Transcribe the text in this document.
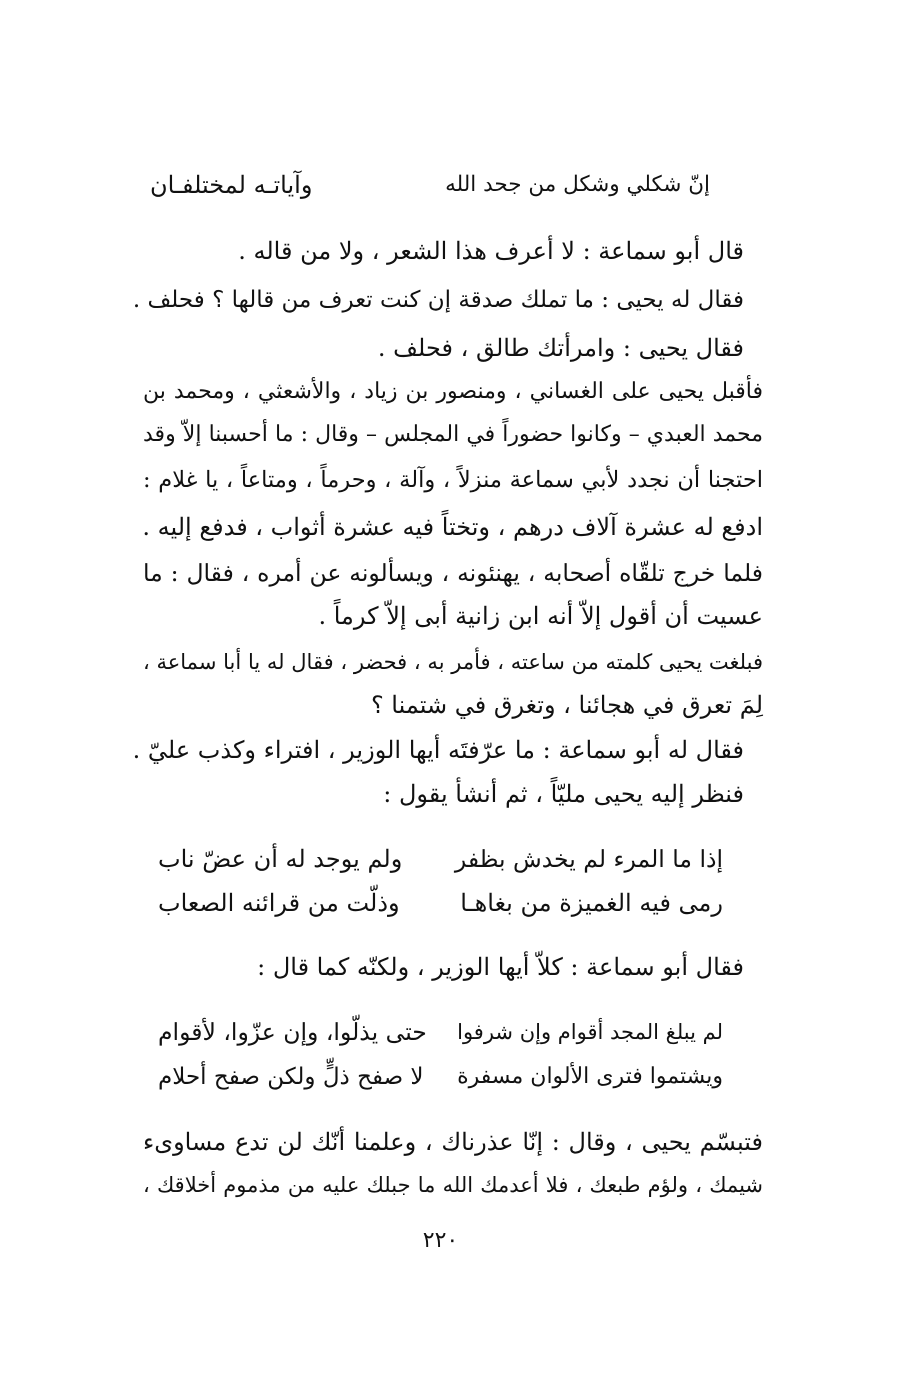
إنّ شكلي وشكل من جحد الله
وآياتـه لمختلفـان
قال أبو سماعة : لا أعرف هذا الشعر ، ولا من قاله .
فقال له يحيى : ما تملك صدقة إن كنت تعرف من قالها ؟ فحلف .
فقال يحيى : وامرأتك طالق ، فحلف .
فأقبل يحيى على الغساني ، ومنصور بن زياد ، والأشعثي ، ومحمد بن
محمد العبدي – وكانوا حضوراً في المجلس – وقال : ما أحسبنا إلاّ وقد
احتجنا أن نجدد لأبي سماعة منزلاً ، وآلة ، وحرماً ، ومتاعاً ، يا غلام :
ادفع له عشرة آلاف درهم ، وتختاً فيه عشرة أثواب ، فدفع إليه .
فلما خرج تلقّاه أصحابه ، يهنئونه ، ويسألونه عن أمره ، فقال : ما
عسيت أن أقول إلاّ أنه ابن زانية أبى إلاّ كرماً .
فبلغت يحيى كلمته من ساعته ، فأمر به ، فحضر ، فقال له يا أبا سماعة ،
لِمَ تعرق في هجائنا ، وتغرق في شتمنا ؟
فقال له أبو سماعة : ما عرّفتَه أيها الوزير ، افتراء وكذب عليّ .
فنظر إليه يحيى مليّاً ، ثم أنشأ يقول :
إذا ما المرء لم يخدش بظفر
ولم يوجد له أن عضّ ناب
رمى فيه الغميزة من بغاهـا
وذلّت من قرائنه الصعاب
فقال أبو سماعة : كلاّ أيها الوزير ، ولكنّه كما قال :
لم يبلغ المجد أقوام وإن شرفوا
حتى يذلّوا، وإن عزّوا، لأقوام
ويشتموا فترى الألوان مسفرة
لا صفح ذلٍّ ولكن صفح أحلام
فتبسّم يحيى ، وقال : إنّا عذرناك ، وعلمنا أنّك لن تدع مساوىء
شيمك ، ولؤم طبعك ، فلا أعدمك الله ما جبلك عليه من مذموم أخلاقك ،
٢٢٠
